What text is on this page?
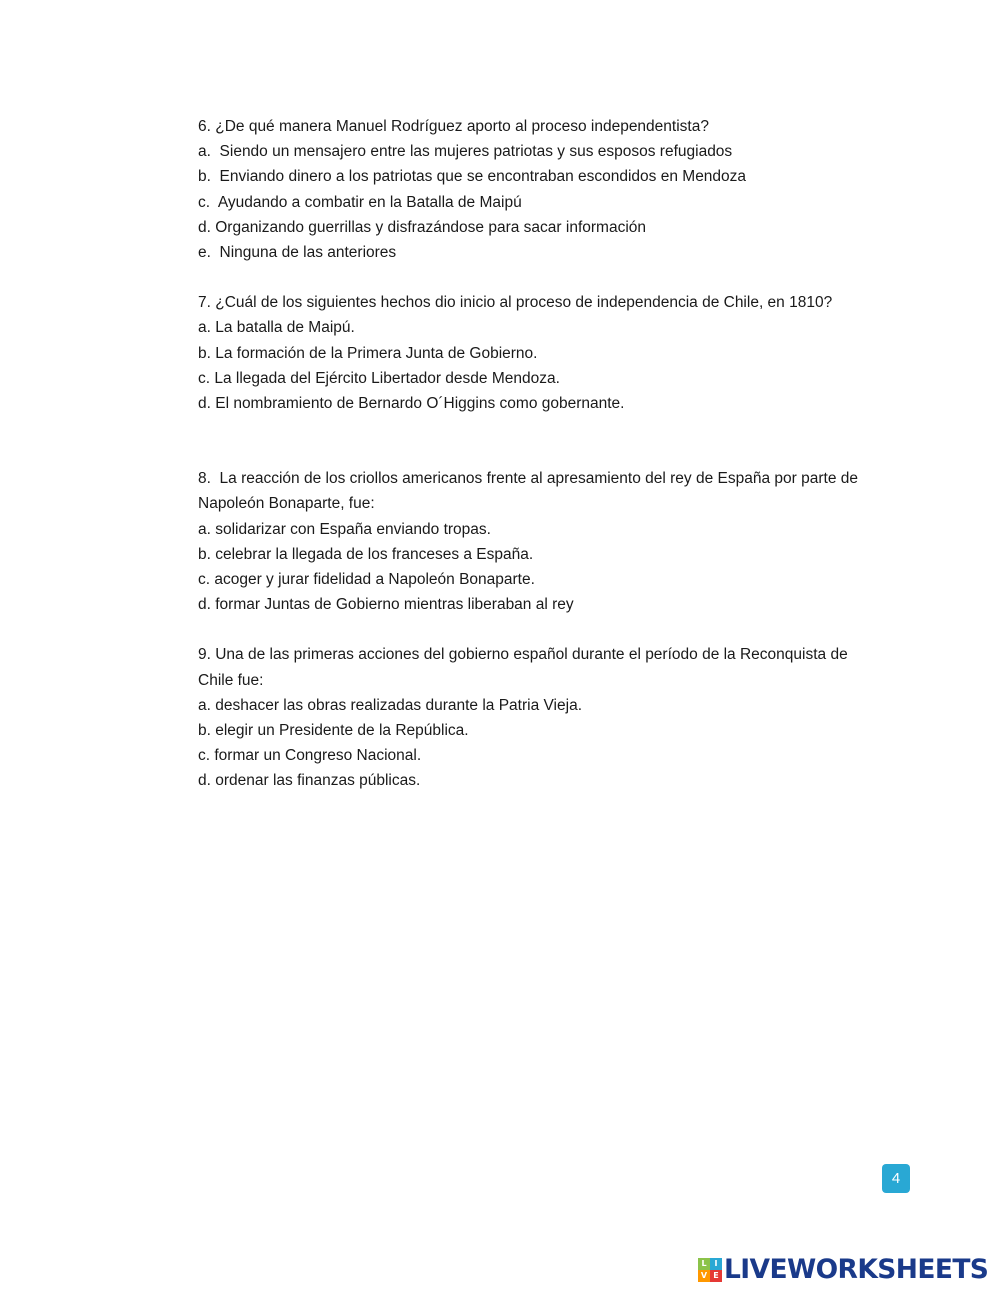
6. ¿De qué manera Manuel Rodríguez aporto al proceso independentista?

a.  Siendo un mensajero entre las mujeres patriotas y sus esposos refugiados

b.  Enviando dinero a los patriotas que se encontraban escondidos en Mendoza

c.  Ayudando a combatir en la Batalla de Maipú

d. Organizando guerrillas y disfrazándose para sacar información

e.  Ninguna de las anteriores

7. ¿Cuál de los siguientes hechos dio inicio al proceso de independencia de Chile, en 1810?

a. La batalla de Maipú.

b. La formación de la Primera Junta de Gobierno.

c. La llegada del Ejército Libertador desde Mendoza.

d. El nombramiento de Bernardo O´Higgins como gobernante.

8.  La reacción de los criollos americanos frente al apresamiento del rey de España por parte de

Napoleón Bonaparte, fue:

a. solidarizar con España enviando tropas.

b. celebrar la llegada de los franceses a España.

c. acoger y jurar fidelidad a Napoleón Bonaparte.

d. formar Juntas de Gobierno mientras liberaban al rey

9. Una de las primeras acciones del gobierno español durante el período de la Reconquista de

Chile fue:

a. deshacer las obras realizadas durante la Patria Vieja.

b. elegir un Presidente de la República.

c. formar un Congreso Nacional.

d. ordenar las finanzas públicas.

4
L I
V E LIVEWORKSHEETS
